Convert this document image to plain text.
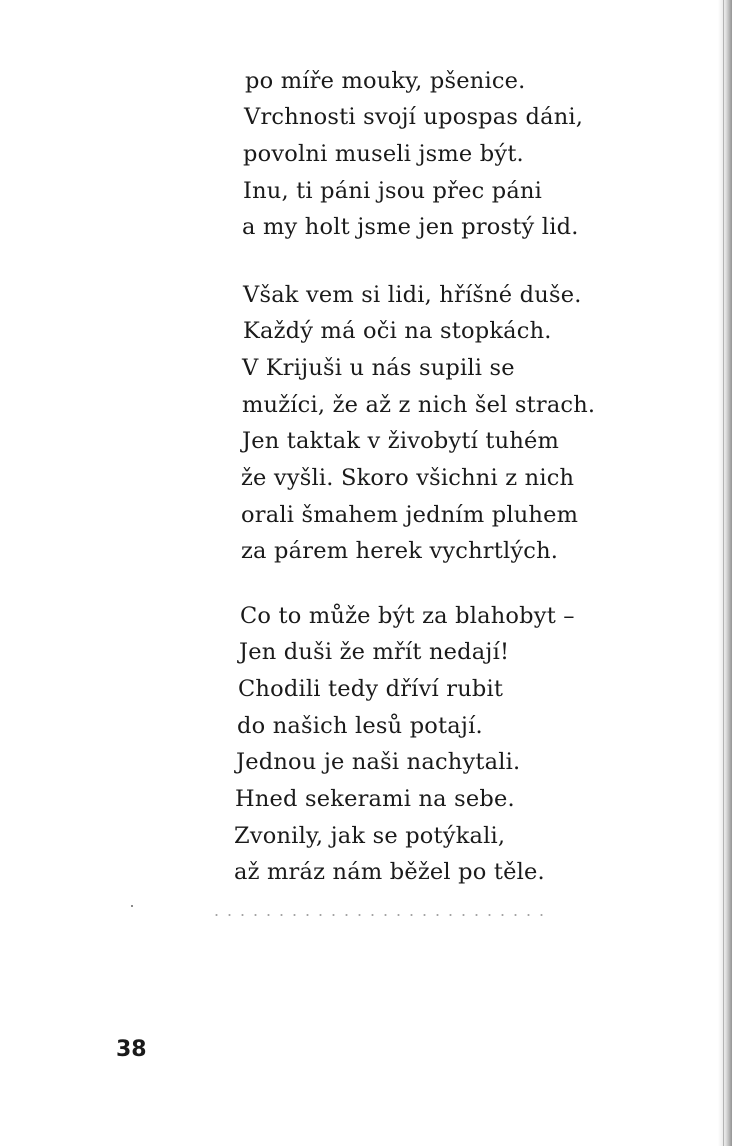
po míře mouky, pšenice.
Vrchnosti svojí upospas dáni,
povolni museli jsme být.
Inu, ti páni jsou přec páni
a my holt jsme jen prostý lid.
Však vem si lidi, hříšné duše.
Každý má oči na stopkách.
V Krijuši u nás supili se
mužíci, že až z nich šel strach.
Jen taktak v živobytí tuhém
že vyšli. Skoro všichni z nich
orali šmahem jedním pluhem
za párem herek vychrtlých.
Co to může být za blahobyt –
Jen duši že mřít nedají!
Chodili tedy dříví rubit
do našich lesů potají.
Jednou je naši nachytali.
Hned sekerami na sebe.
Zvonily, jak se potýkali,
až mráz nám běžel po těle.
38
